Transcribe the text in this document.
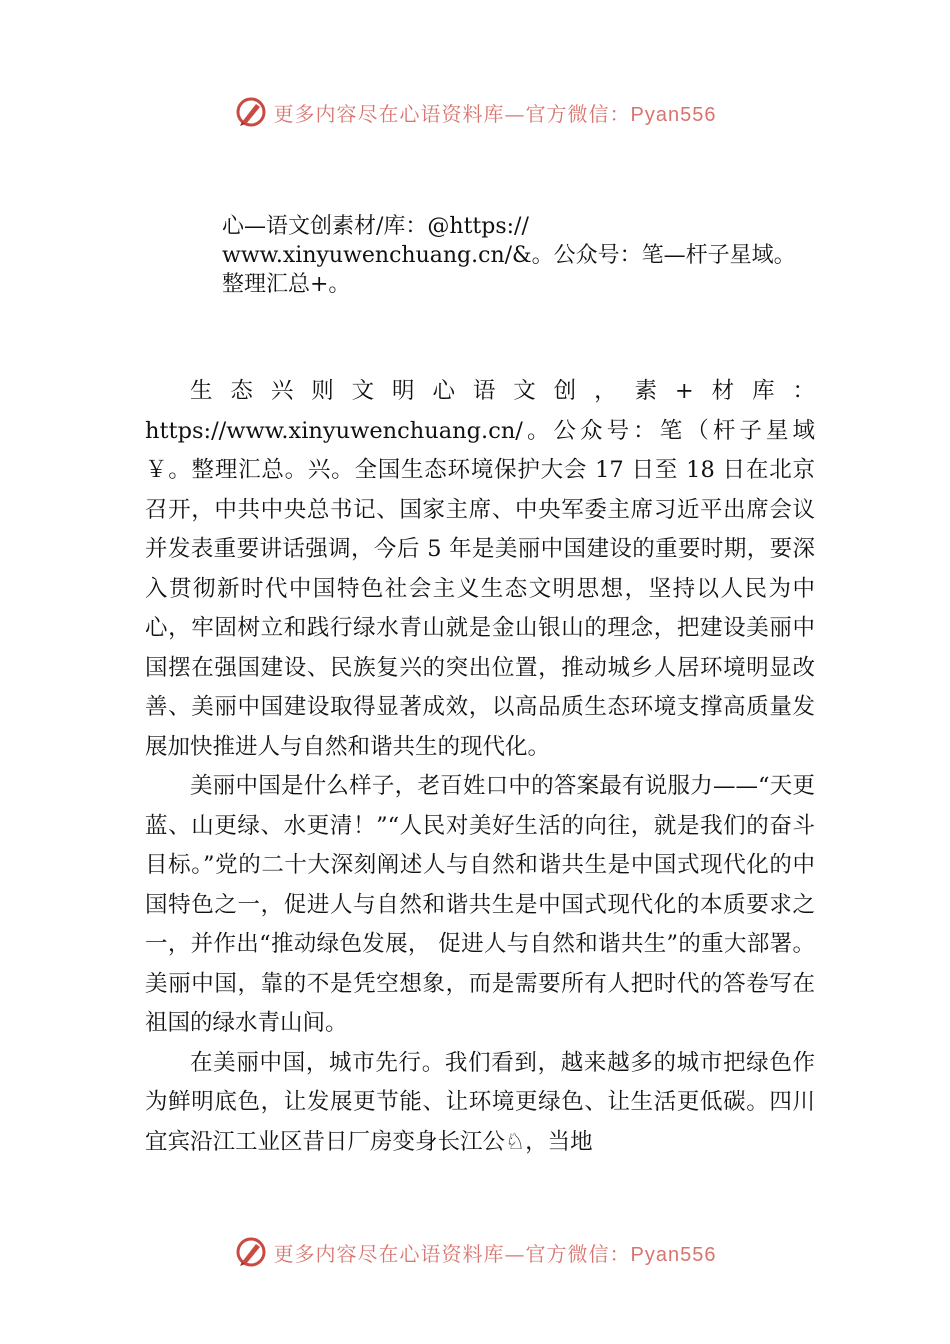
更多内容尽在心语资料库—官方微信：Pyan556
心—语文创素材/库：@https://
www.xinyuwenchuang.cn/&。公众号：笔—杆子星域。
整理汇总+。

生态兴则文明心语文创，素+材库：https://www.xinyuwenchuang.cn/。公众号：笔（杆子星域￥。整理汇总。兴。全国生态环境保护大会 17 日至 18 日在北京召开，中共中央总书记、国家主席、中央军委主席习近平出席会议并发表重要讲话强调，今后 5 年是美丽中国建设的重要时期，要深入贯彻新时代中国特色社会主义生态文明思想，坚持以人民为中心，牢固树立和践行绿水青山就是金山银山的理念，把建设美丽中国摆在强国建设、民族复兴的突出位置，推动城乡人居环境明显改善、美丽中国建设取得显著成效，以高品质生态环境支撑高质量发展加快推进人与自然和谐共生的现代化。

美丽中国是什么样子，老百姓口中的答案最有说服力——“天更蓝、山更绿、水更清！”“人民对美好生活的向往，就是我们的奋斗目标。”党的二十大深刻阐述人与自然和谐共生是中国式现代化的中国特色之一，促进人与自然和谐共生是中国式现代化的本质要求之一，并作出“推动绿色发展， 促进人与自然和谐共生”的重大部署。美丽中国，靠的不是凭空想象，而是需要所有人把时代的答卷写在祖国的绿水青山间。

在美丽中国，城市先行。我们看到，越来越多的城市把绿色作为鲜明底色，让发展更节能、让环境更绿色、让生活更低碳。四川宜宾沿江工业区昔日厂房变身长江公♘，当地

更多内容尽在心语资料库—官方微信：Pyan556
